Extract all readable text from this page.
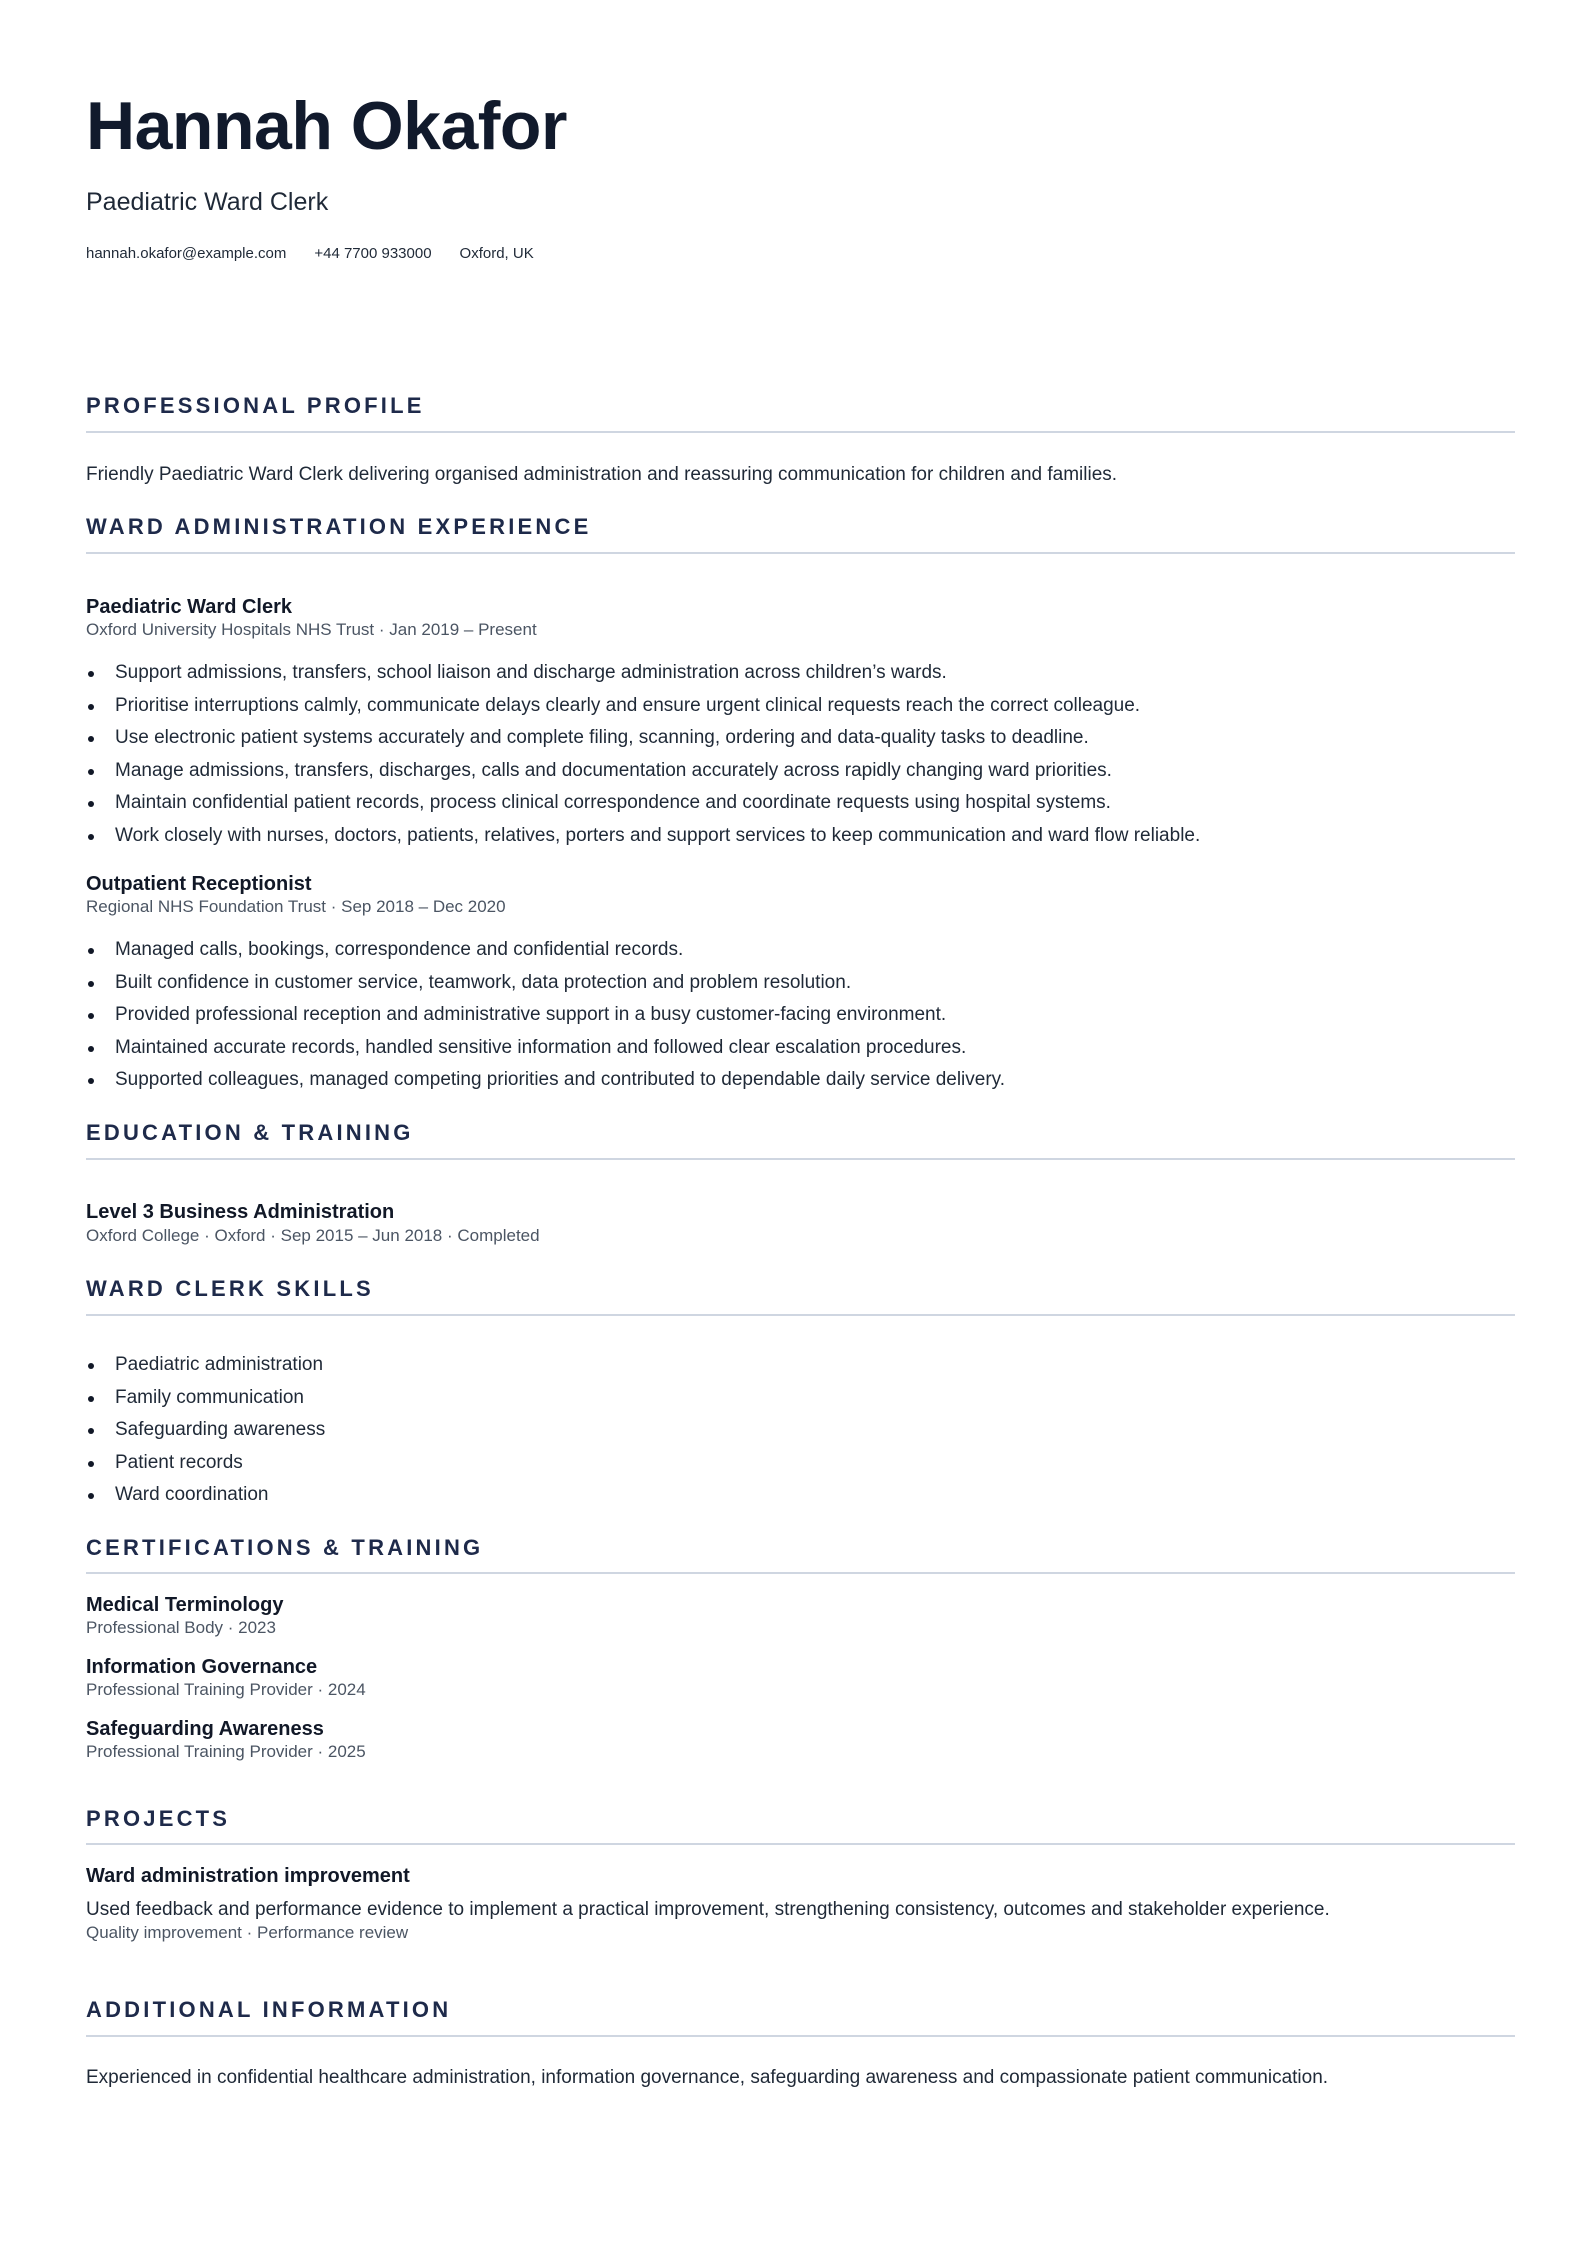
Hannah Okafor
Paediatric Ward Clerk
hannah.okafor@example.com +44 7700 933000 Oxford, UK
PROFESSIONAL PROFILE
Friendly Paediatric Ward Clerk delivering organised administration and reassuring communication for children and families.
WARD ADMINISTRATION EXPERIENCE
Paediatric Ward Clerk
Oxford University Hospitals NHS Trust · Jan 2019 – Present
Support admissions, transfers, school liaison and discharge administration across children’s wards.
Prioritise interruptions calmly, communicate delays clearly and ensure urgent clinical requests reach the correct colleague.
Use electronic patient systems accurately and complete filing, scanning, ordering and data-quality tasks to deadline.
Manage admissions, transfers, discharges, calls and documentation accurately across rapidly changing ward priorities.
Maintain confidential patient records, process clinical correspondence and coordinate requests using hospital systems.
Work closely with nurses, doctors, patients, relatives, porters and support services to keep communication and ward flow reliable.
Outpatient Receptionist
Regional NHS Foundation Trust · Sep 2018 – Dec 2020
Managed calls, bookings, correspondence and confidential records.
Built confidence in customer service, teamwork, data protection and problem resolution.
Provided professional reception and administrative support in a busy customer-facing environment.
Maintained accurate records, handled sensitive information and followed clear escalation procedures.
Supported colleagues, managed competing priorities and contributed to dependable daily service delivery.
EDUCATION & TRAINING
Level 3 Business Administration
Oxford College · Oxford · Sep 2015 – Jun 2018 · Completed
WARD CLERK SKILLS
Paediatric administration
Family communication
Safeguarding awareness
Patient records
Ward coordination
CERTIFICATIONS & TRAINING
Medical Terminology
Professional Body · 2023
Information Governance
Professional Training Provider · 2024
Safeguarding Awareness
Professional Training Provider · 2025
PROJECTS
Ward administration improvement
Used feedback and performance evidence to implement a practical improvement, strengthening consistency, outcomes and stakeholder experience.
Quality improvement · Performance review
ADDITIONAL INFORMATION
Experienced in confidential healthcare administration, information governance, safeguarding awareness and compassionate patient communication.
